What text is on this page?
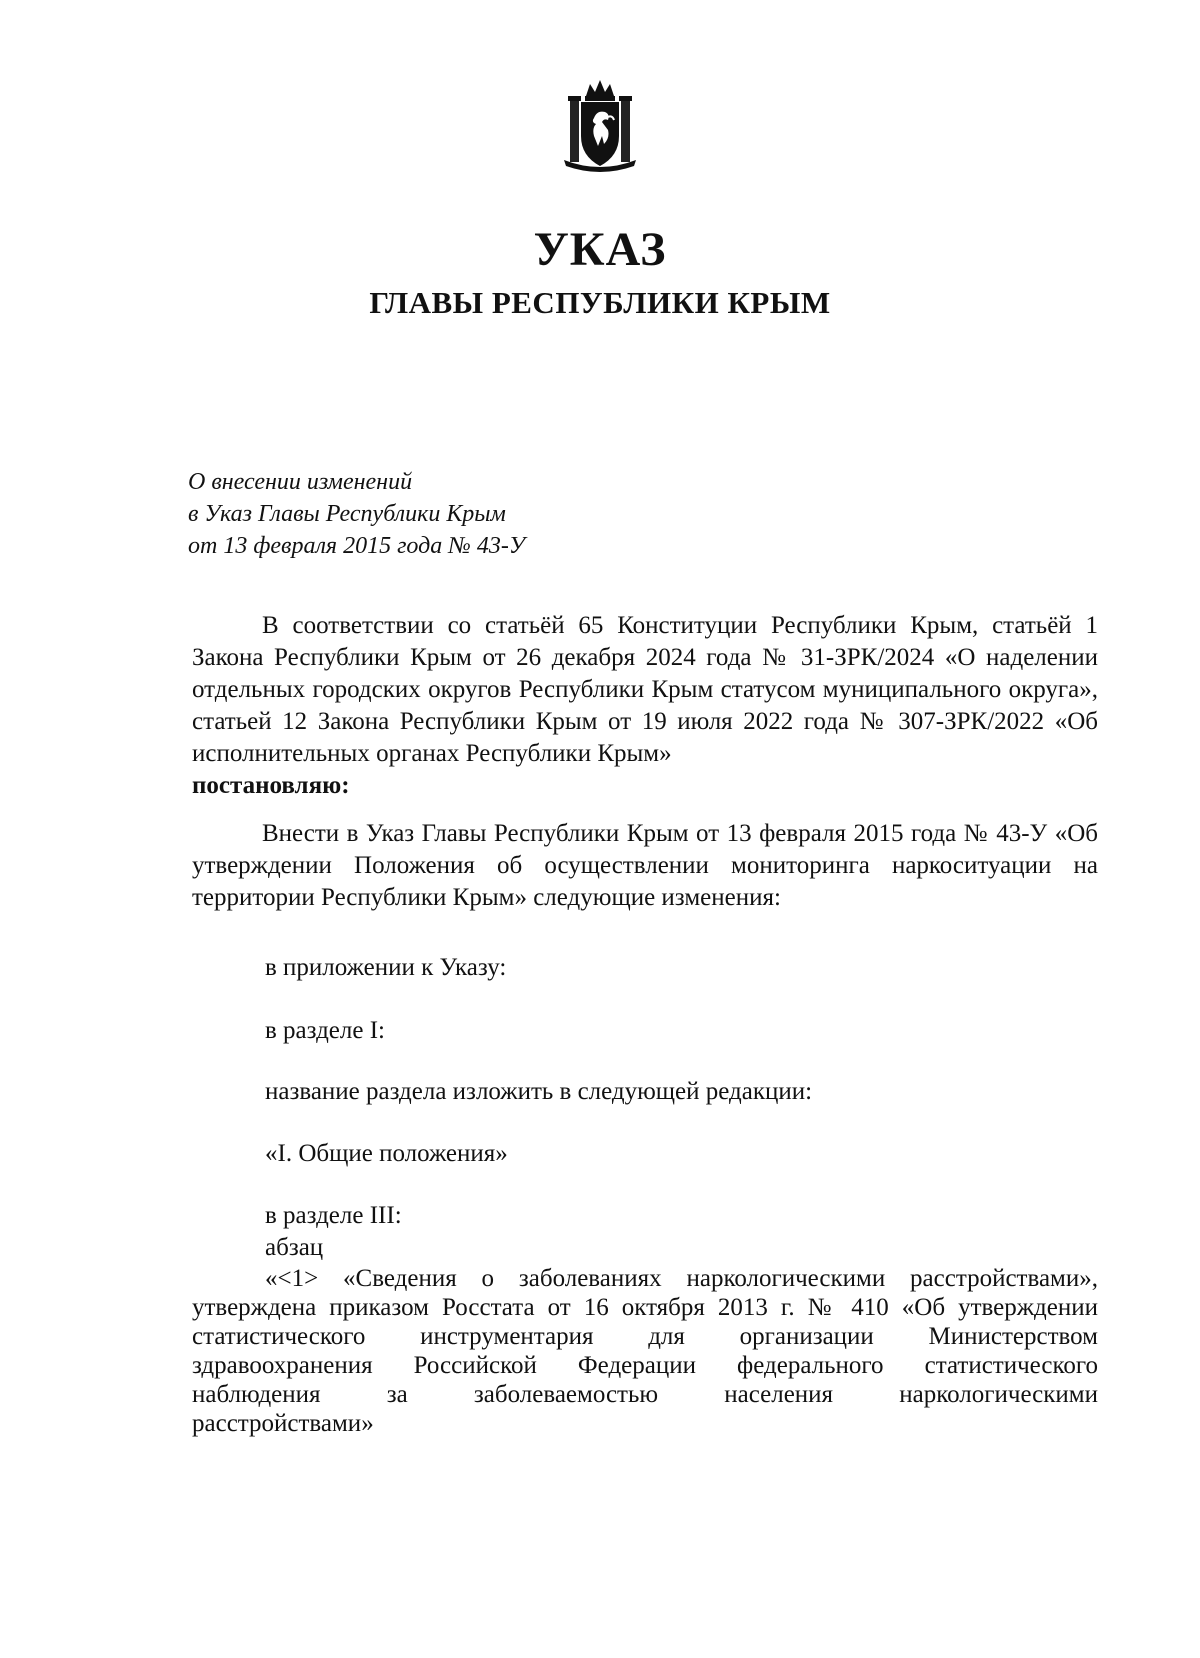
УКАЗ
ГЛАВЫ РЕСПУБЛИКИ КРЫМ
О внесении изменений
в Указ Главы Республики Крым
от 13 февраля 2015 года № 43-У

В соответствии со статьёй 65 Конституции Республики Крым, статьёй 1 Закона Республики Крым от 26 декабря 2024 года № 31-ЗРК/2024 «О наделении отдельных городских округов Республики Крым статусом муниципального округа», статьей 12 Закона Республики Крым от 19 июля 2022 года № 307-ЗРК/2022 «Об исполнительных органах Республики Крым»

постановляю:

Внести в Указ Главы Республики Крым от 13 февраля 2015 года № 43-У «Об утверждении Положения об осуществлении мониторинга наркоситуации на территории Республики Крым» следующие изменения:

в приложении к Указу:
в разделе I:
название раздела изложить в следующей редакции:
«I. Общие положения»
в разделе III:
абзац
«<1> «Сведения о заболеваниях наркологическими расстройствами»,
утверждена приказом Росстата от 16 октября 2013 г. № 410 «Об утверждении
статистического инструментария для организации Министерством
здравоохранения Российской Федерации федерального статистического
наблюдения за заболеваемостью населения наркологическими
расстройствами»
